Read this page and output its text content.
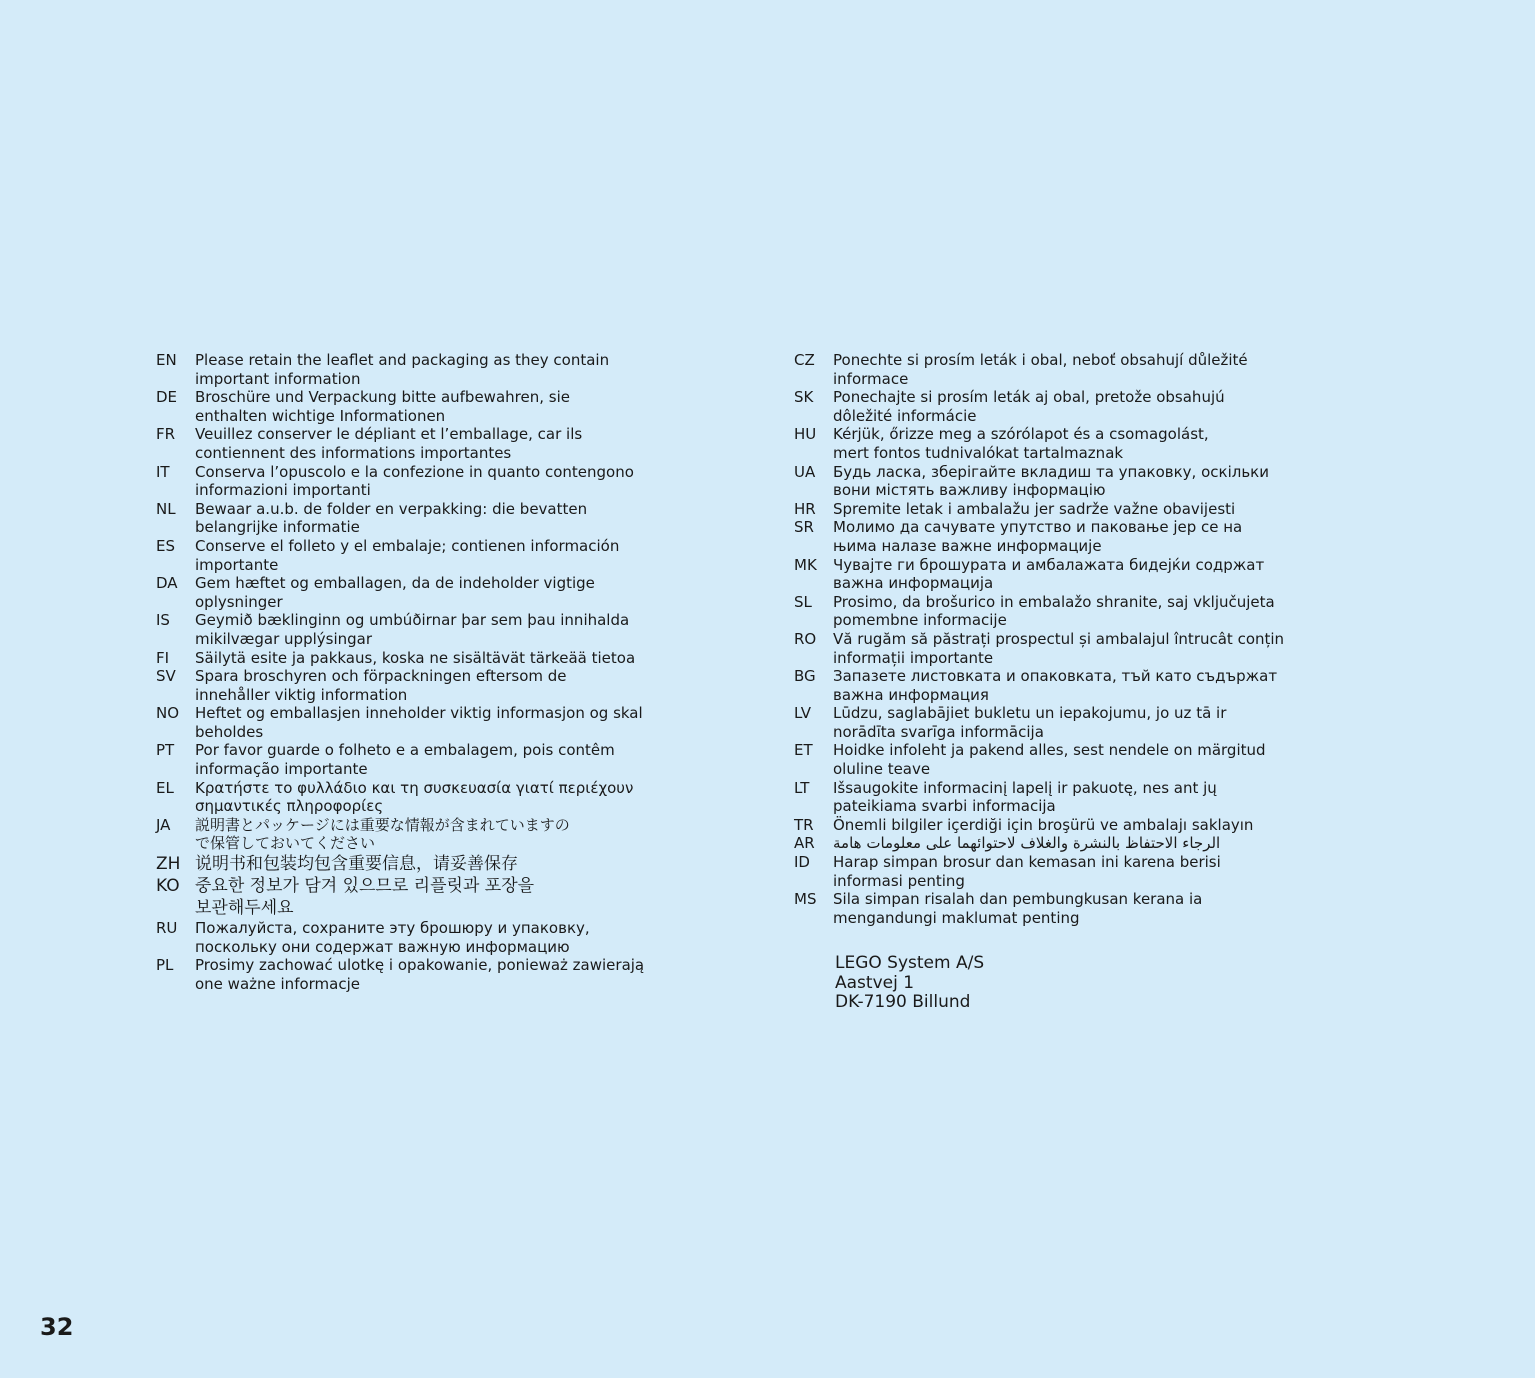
EN	Please retain the leaflet and packaging as they contain
important information
DE	Broschüre und Verpackung bitte aufbewahren, sie
enthalten wichtige Informationen
FR	Veuillez conserver le dépliant et l’emballage, car ils
contiennent des informations importantes
IT	Conserva l’opuscolo e la confezione in quanto contengono
informazioni importanti
NL	Bewaar a.u.b. de folder en verpakking: die bevatten
belangrijke informatie
ES	Conserve el folleto y el embalaje; contienen información
importante
DA	Gem hæftet og emballagen, da de indeholder vigtige
oplysninger
IS	Geymið bæklinginn og umbúðirnar þar sem þau innihalda
mikilvægar upplýsingar
FI	Säilytä esite ja pakkaus, koska ne sisältävät tärkeää tietoa
SV	Spara broschyren och förpackningen eftersom de
innehåller viktig information
NO	Heftet og emballasjen inneholder viktig informasjon og skal
beholdes
PT	Por favor guarde o folheto e a embalagem, pois contêm
informação importante
EL	Κρατήστε το φυλλάδιο και τη συσκευασία γιατί περιέχουν
σημαντικές πληροφορίες
JA	説明書とパッケージには重要な情報が含まれていますの
で保管しておいてください
ZH 说明书和包装均包含重要信息，请妥善保存
KO 중요한 정보가 담겨 있으므로 리플릿과 포장을
보관해두세요
RU	Пожалуйста, сохраните эту брошюру и упаковку,
поскольку они содержат важную информацию
PL	Prosimy zachować ulotkę i opakowanie, ponieważ zawierają
one ważne informacje
CZ	Ponechte si prosím leták i obal, neboť obsahují důležité
informace
SK	Ponechajte si prosím leták aj obal, pretože obsahujú
dôležité informácie
HU	Kérjük, őrizze meg a szórólapot és a csomagolást,
mert fontos tudnivalókat tartalmaznak
UA	Будь ласка, зберігайте вкладиш та упаковку, оскільки
вони містять важливу інформацію
HR	Spremite letak i ambalažu jer sadrže važne obavijesti
SR	Молимо да сачувате упутство и паковање јер се на
њима налазе важне информације
MK	Чувајте ги брошурата и амбалажата бидејќи содржат
важна информација
SL	Prosimo, da brošurico in embalažo shranite, saj vključujeta
pomembne informacije
RO	Vă rugăm să păstrați prospectul și ambalajul întrucât conțin
informații importante
BG	Запазете листовката и опаковката, тъй като съдържат
важна информация
LV	Lūdzu, saglabājiet bukletu un iepakojumu, jo uz tā ir
norādīta svarīga informācija
ET	Hoidke infoleht ja pakend alles, sest nendele on märgitud
oluline teave
LT	Išsaugokite informacinį lapelį ir pakuotę, nes ant jų
pateikiama svarbi informacija
TR	Önemli bilgiler içerdiği için broşürü ve ambalajı saklayın
AR	الرجاء الاحتفاظ بالنشرة والغلاف لاحتوائهما على معلومات هامة
ID	Harap simpan brosur dan kemasan ini karena berisi
informasi penting
MS	Sila simpan risalah dan pembungkusan kerana ia
mengandungi maklumat penting
LEGO System A/S
Aastvej 1
DK-7190 Billund
32
